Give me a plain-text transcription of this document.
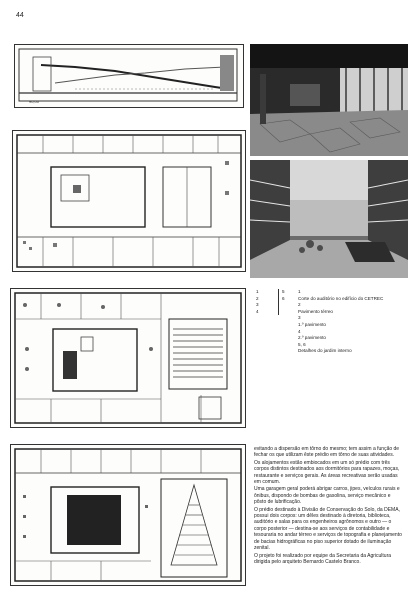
44
±0,00
1
2
3
4
5
6
1
Corte do auditório no edifício do CETREC
2
Pavimento térreo
3
1.º pavimento
4
2.º pavimento
5, 6
Detalhes do jardim interno

evitando a dispersão em tôrno do mesmo; tem assim a função de fechar os que utilizam êste prédio em tôrno de suas atividades.

Os alojamentos estão embiocados em um só prédio com três corpos distintos destinados aos dormitórios para rapazes, moças, restaurante e serviços gerais. As áreas recreativas serão usadas em comum.

Uma garagem geral poderá abrigar carros, jipes, veículos rurais e ônibus, dispondo de bombas de gasolina, serviço mecânico e pôsto de lubrificação.

O prédio destinado à Divisão de Conservação do Solo, da DEMA, possui dois corpos: um dêles destinado à diretoria, biblioteca, auditório e salas para os engenheiros agrônomos e outro — o corpo posterior — destina-se aos serviços de contabilidade e tesouraria no andar térreo e serviços de topografia e planejamento de bacias hidrográficas no piso superior dotado de iluminação zenital.

O projeto foi realizado por equipe da Secretaria da Agricultura dirigida pelo arquiteto Bernardo Castelo Branco.
